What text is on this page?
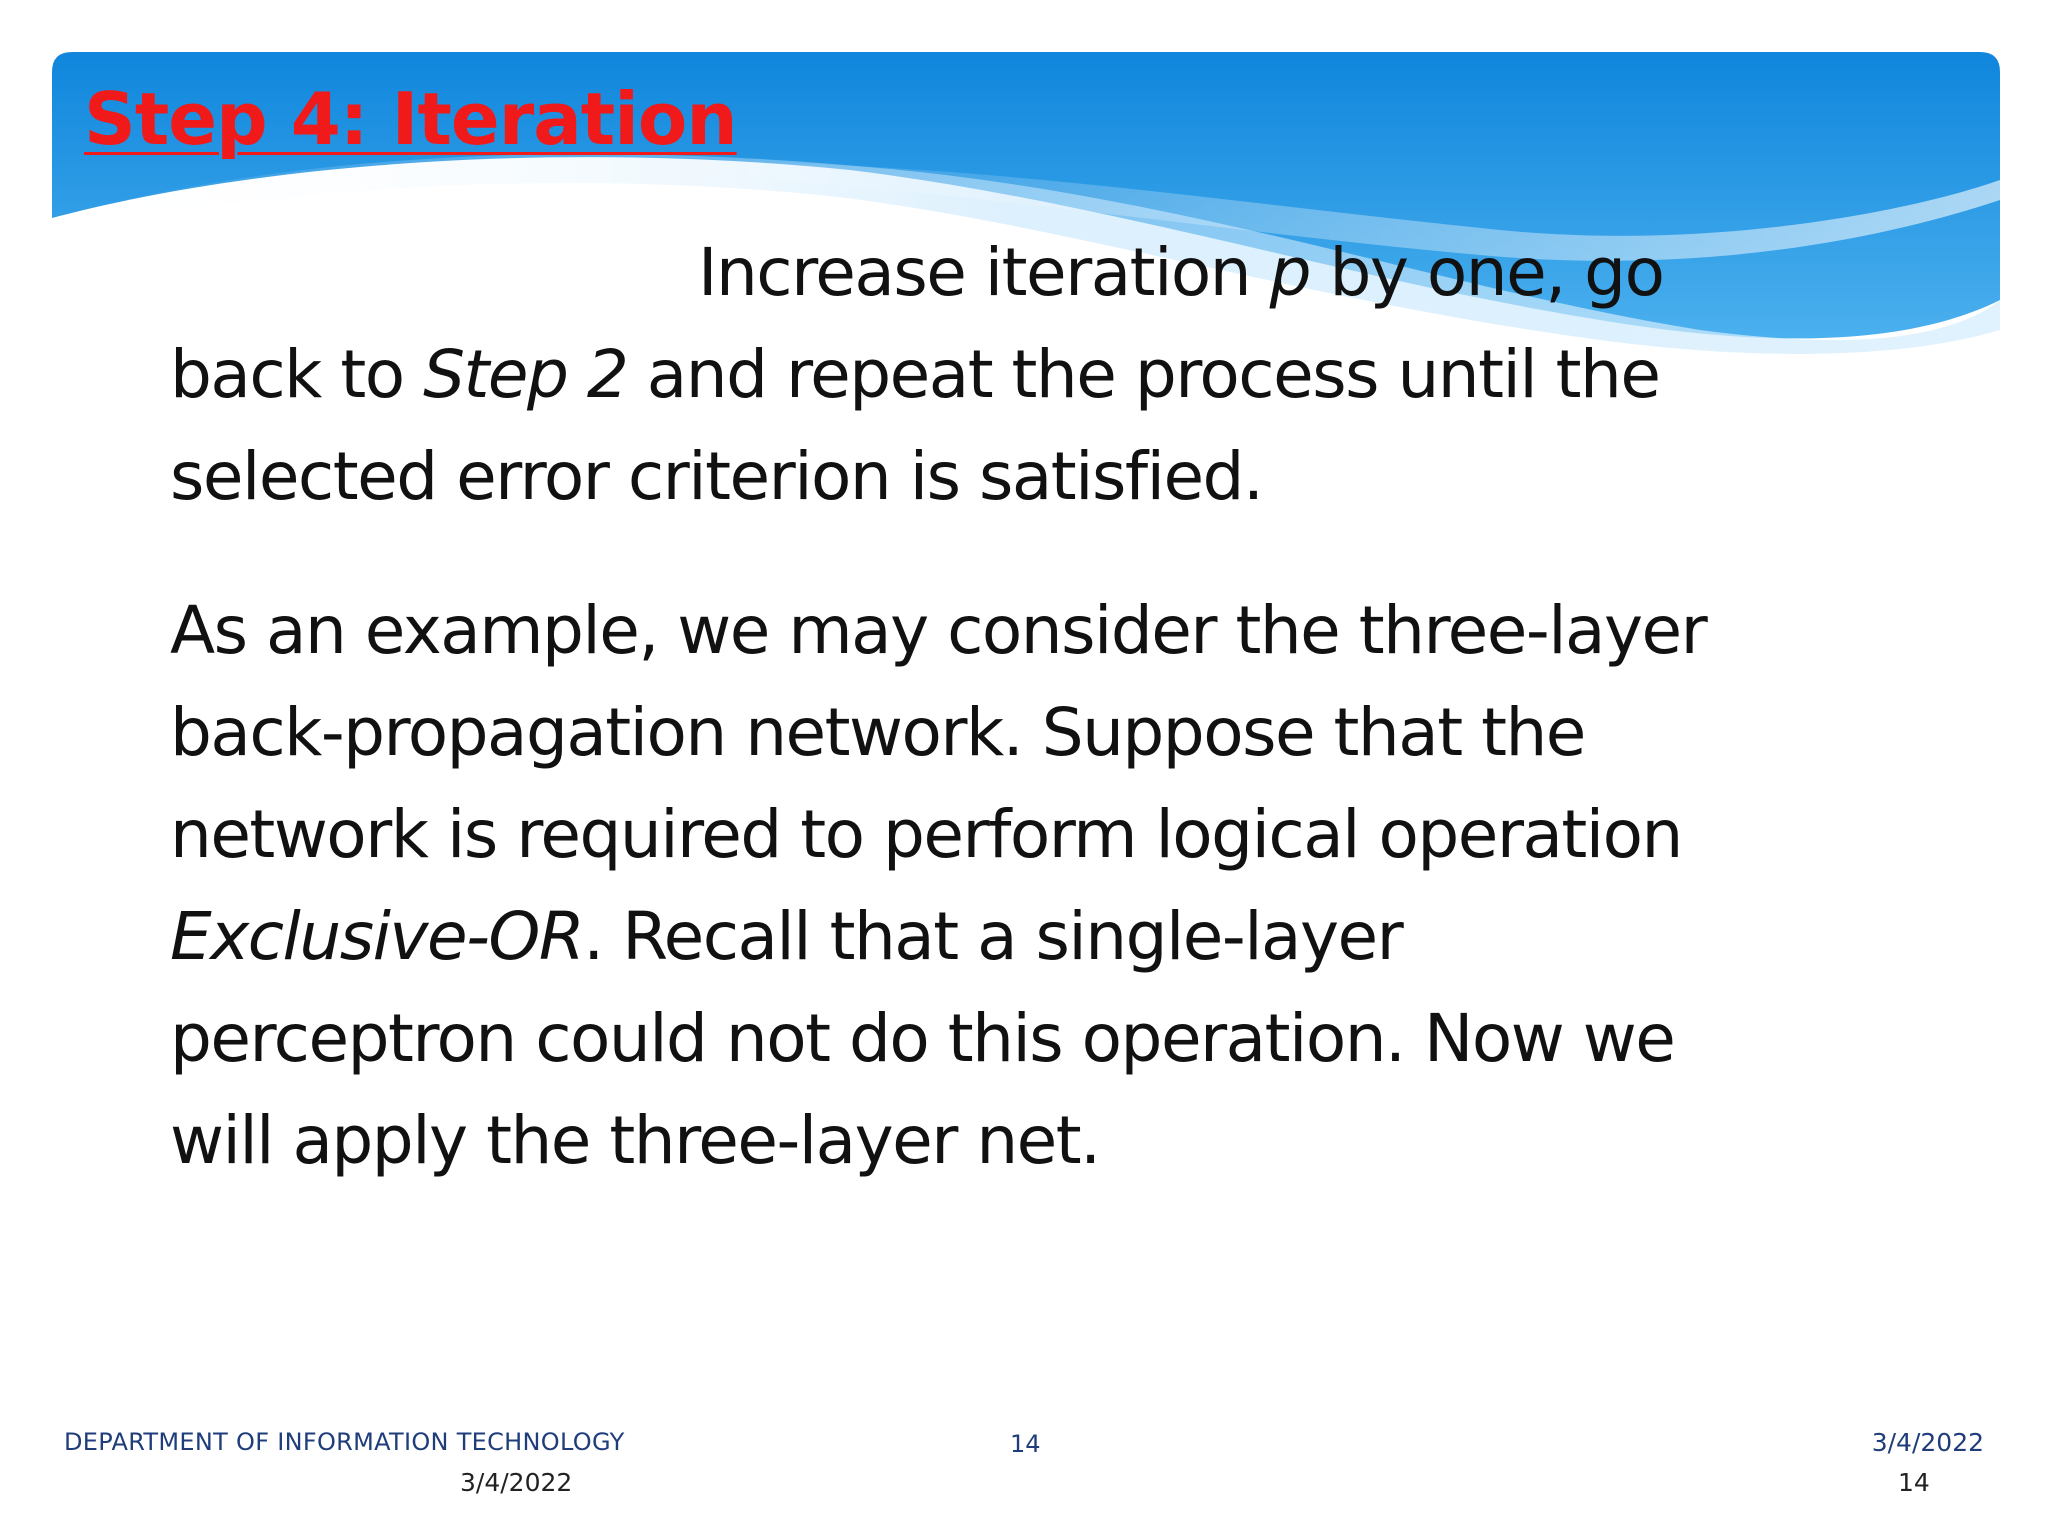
Step 4: Iteration
Increase iteration p by one, go
back to Step 2 and repeat the process until the
selected error criterion is satisfied.
As an example, we may consider the three-layer
back-propagation network. Suppose that the
network is required to perform logical operation
Exclusive-OR. Recall that a single-layer
perceptron could not do this operation. Now we
will apply the three-layer net.
DEPARTMENT OF INFORMATION TECHNOLOGY	14	3/4/2022
3/4/2022	14
